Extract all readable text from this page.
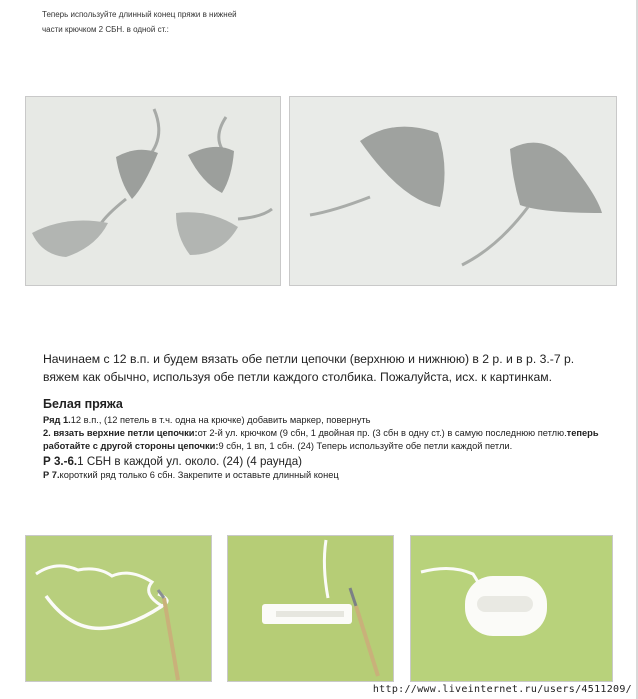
Теперь используйте длинный конец пряжи в нижней
части крючком 2 СБН. в одной ст.:
Начинаем с 12 в.п. и будем вязать обе петли цепочки (верхнюю и нижнюю) в 2 р. и в р. 3.-7 р. вяжем как обычно, используя обе петли каждого столбика. Пожалуйста, исх. к картинкам.
Белая пряжа
Ряд 1.12 в.п., (12 петель в т.ч. одна на крючке) добавить маркер, повернуть
2. вязать верхние петли цепочки:от 2-й ул. крючком (9 сбн, 1 двойная пр. (3 сбн в одну ст.) в самую последнюю петлю.теперь работайте с другой стороны цепочки:9 сбн, 1 вп, 1 сбн. (24) Теперь используйте обе петли каждой петли.
Р 3.-6.1 СБН в каждой ул. около. (24) (4 раунда)
Р 7.короткий ряд только 6 сбн. Закрепите и оставьте длинный конец
http://www.liveinternet.ru/users/4511209/
